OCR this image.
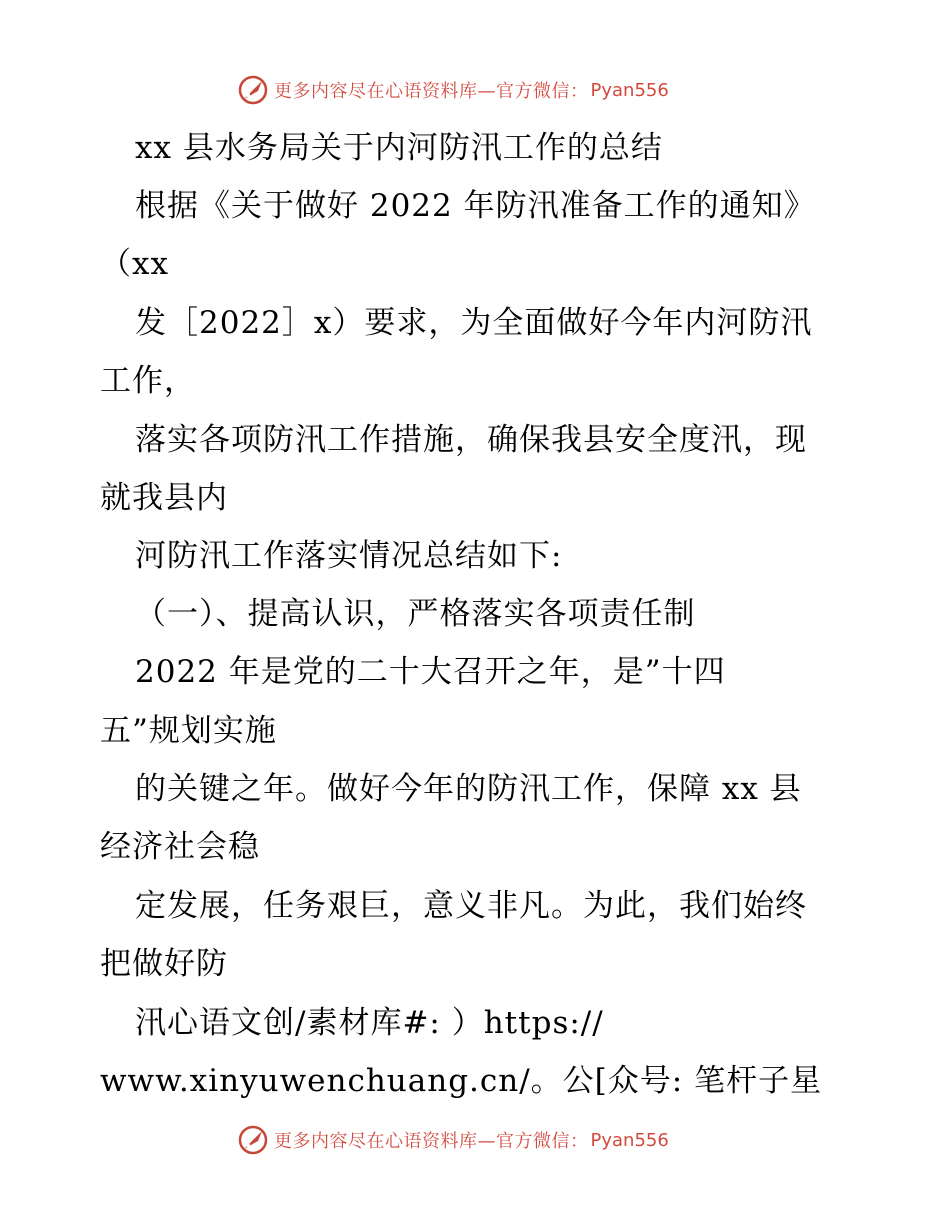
更多内容尽在心语资料库—官方微信： Pyan556

xx 县水务局关于内河防汛工作的总结

根据《关于做好 2022 年防汛准备工作的通知》

（xx

发［2022］x）要求，为全面做好今年内河防汛

工作，

落实各项防汛工作措施，确保我县安全度汛，现

就我县内

河防汛工作落实情况总结如下:

（一）、提高认识，严格落实各项责任制

2022 年是党的二十大召开之年，是”十四

五”规划实施

的关键之年。做好今年的防汛工作，保障 xx 县

经济社会稳

定发展，任务艰巨，意义非凡。为此，我们始终

把做好防

汛心语文创/素材库#: ）https://

www.xinyuwenchuang.cn/。公[众号: 笔杆子星

更多内容尽在心语资料库—官方微信： Pyan556
